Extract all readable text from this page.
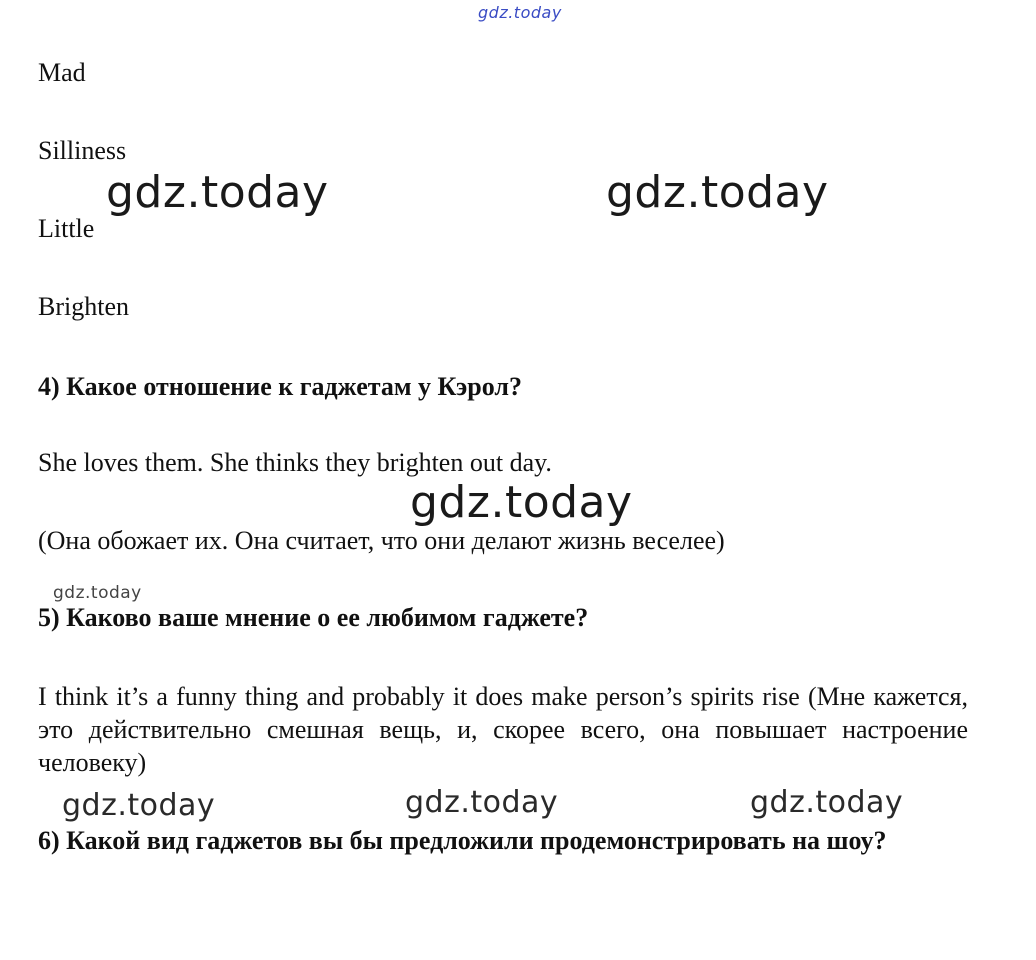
gdz.today
Mad
Silliness
Little
Brighten
gdz.today	gdz.today
4) Какое отношение к гаджетам у Кэрол?
She loves them. She thinks they brighten out day.
gdz.today
(Она обожает их. Она считает, что они делают жизнь веселее)
gdz.today
5) Каково ваше мнение о ее любимом гаджете?
I think it’s a funny thing and probably it does make person’s spirits rise (Мне кажется, это действительно смешная вещь, и, скорее всего, она повышает настроение человеку)
gdz.today	gdz.today	gdz.today
6) Какой вид гаджетов вы бы предложили продемонстрировать на шоу?
